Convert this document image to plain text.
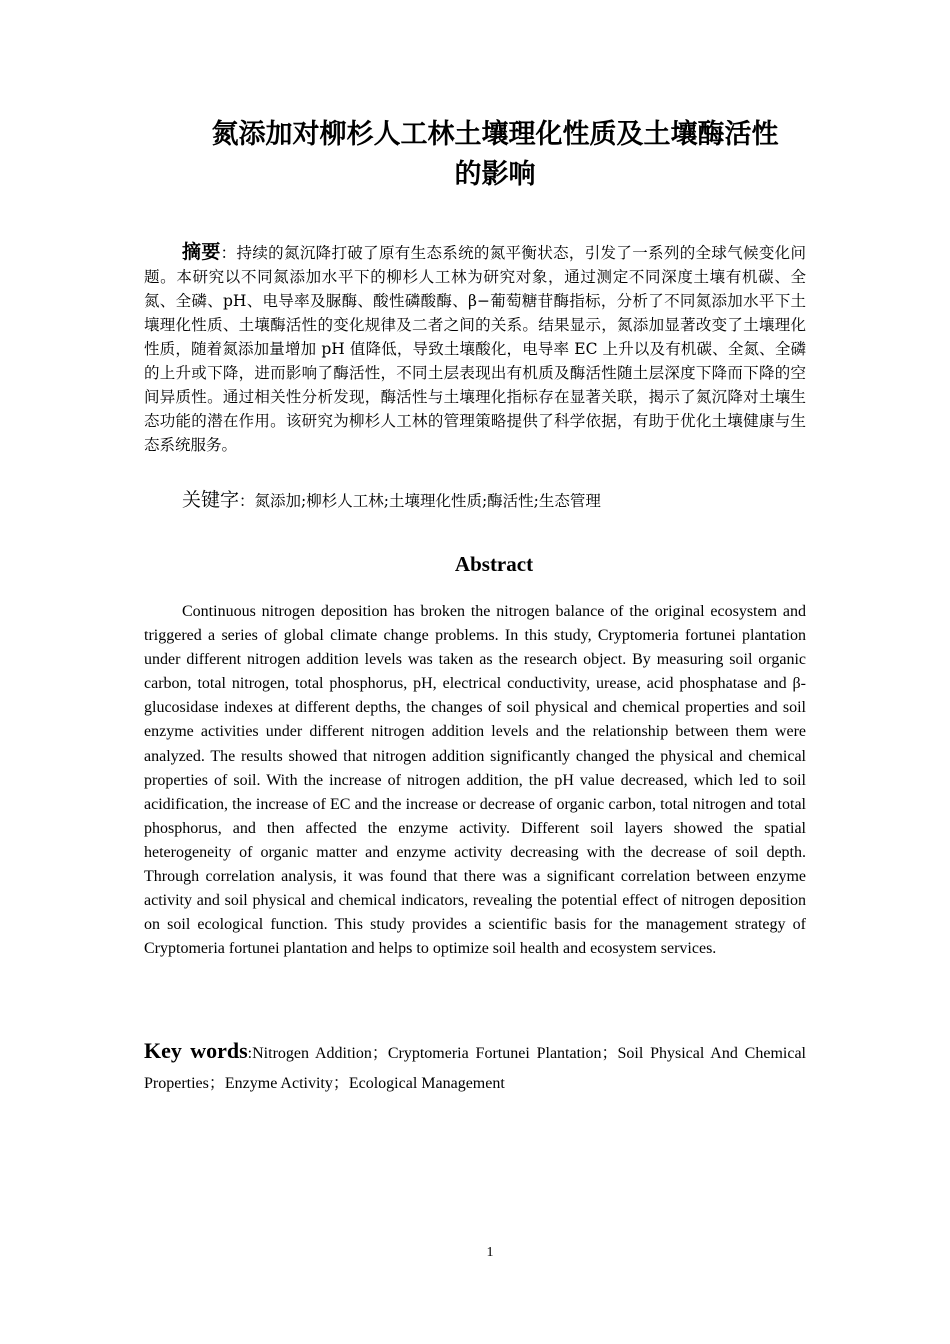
氮添加对柳杉人工林土壤理化性质及土壤酶活性
的影响

摘要：持续的氮沉降打破了原有生态系统的氮平衡状态，引发了一系列的全球气候变化问题。本研究以不同氮添加水平下的柳杉人工林为研究对象，通过测定不同深度土壤有机碳、全氮、全磷、pH、电导率及脲酶、酸性磷酸酶、β−葡萄糖苷酶指标，分析了不同氮添加水平下土壤理化性质、土壤酶活性的变化规律及二者之间的关系。结果显示，氮添加显著改变了土壤理化性质，随着氮添加量增加 pH 值降低，导致土壤酸化，电导率 EC 上升以及有机碳、全氮、全磷的上升或下降，进而影响了酶活性，不同土层表现出有机质及酶活性随土层深度下降而下降的空间异质性。通过相关性分析发现，酶活性与土壤理化指标存在显著关联，揭示了氮沉降对土壤生态功能的潜在作用。该研究为柳杉人工林的管理策略提供了科学依据，有助于优化土壤健康与生态系统服务。

关键字：氮添加;柳杉人工林;土壤理化性质;酶活性;生态管理

Abstract

Continuous nitrogen deposition has broken the nitrogen balance of the original ecosystem and triggered a series of global climate change problems. In this study, Cryptomeria fortunei plantation under different nitrogen addition levels was taken as the research object. By measuring soil organic carbon, total nitrogen, total phosphorus, pH, electrical conductivity, urease, acid phosphatase and β-glucosidase indexes at different depths, the changes of soil physical and chemical properties and soil enzyme activities under different nitrogen addition levels and the relationship between them were analyzed. The results showed that nitrogen addition significantly changed the physical and chemical properties of soil. With the increase of nitrogen addition, the pH value decreased, which led to soil acidification, the increase of EC and the increase or decrease of organic carbon, total nitrogen and total phosphorus, and then affected the enzyme activity. Different soil layers showed the spatial heterogeneity of organic matter and enzyme activity decreasing with the decrease of soil depth. Through correlation analysis, it was found that there was a significant correlation between enzyme activity and soil physical and chemical indicators, revealing the potential effect of nitrogen deposition on soil ecological function. This study provides a scientific basis for the management strategy of Cryptomeria fortunei plantation and helps to optimize soil health and ecosystem services.

Key words:Nitrogen Addition；Cryptomeria Fortunei Plantation；Soil Physical And Chemical Properties；Enzyme Activity；Ecological Management

1
